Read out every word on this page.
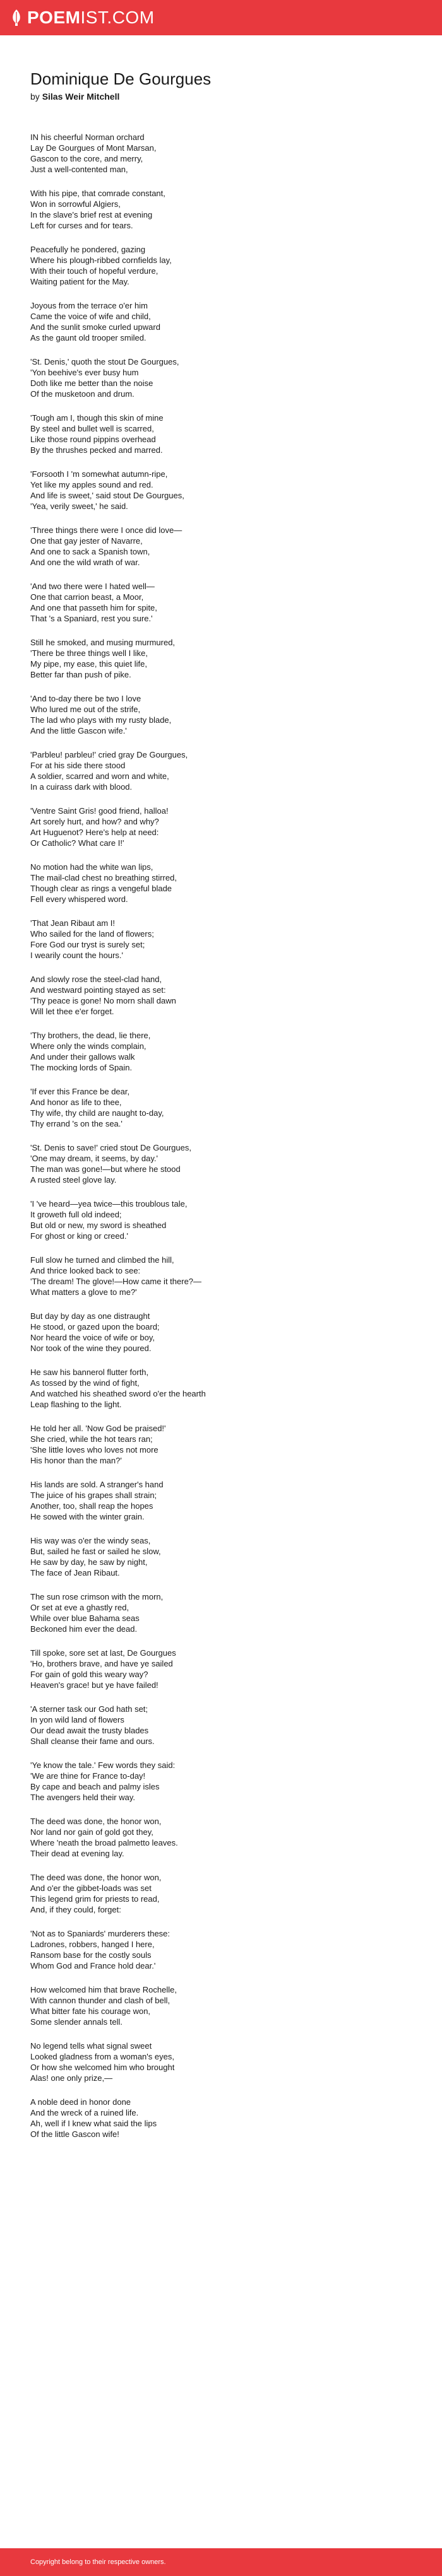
POEM IST.COM
Dominique De Gourgues
by Silas Weir Mitchell
IN his cheerful Norman orchard
Lay De Gourgues of Mont Marsan,
Gascon to the core, and merry,
Just a well-contented man,
With his pipe, that comrade constant,
Won in sorrowful Algiers,
In the slave's brief rest at evening
Left for curses and for tears.
Peacefully he pondered, gazing
Where his plough-ribbed cornfields lay,
With their touch of hopeful verdure,
Waiting patient for the May.
Joyous from the terrace o'er him
Came the voice of wife and child,
And the sunlit smoke curled upward
As the gaunt old trooper smiled.
'St. Denis,' quoth the stout De Gourgues,
'Yon beehive's ever busy hum
Doth like me better than the noise
Of the musketoon and drum.
'Tough am I, though this skin of mine
By steel and bullet well is scarred,
Like those round pippins overhead
By the thrushes pecked and marred.
'Forsooth I 'm somewhat autumn-ripe,
Yet like my apples sound and red.
And life is sweet,' said stout De Gourgues,
'Yea, verily sweet,' he said.
'Three things there were I once did love—
One that gay jester of Navarre,
And one to sack a Spanish town,
And one the wild wrath of war.
'And two there were I hated well—
One that carrion beast, a Moor,
And one that passeth him for spite,
That 's a Spaniard, rest you sure.'
Still he smoked, and musing murmured,
'There be three things well I like,
My pipe, my ease, this quiet life,
Better far than push of pike.
'And to-day there be two I love
Who lured me out of the strife,
The lad who plays with my rusty blade,
And the little Gascon wife.'
'Parbleu! parbleu!' cried gray De Gourgues,
For at his side there stood
A soldier, scarred and worn and white,
In a cuirass dark with blood.
'Ventre Saint Gris! good friend, halloa!
Art sorely hurt, and how? and why?
Art Huguenot? Here's help at need:
Or Catholic? What care I!'
No motion had the white wan lips,
The mail-clad chest no breathing stirred,
Though clear as rings a vengeful blade
Fell every whispered word.
'That Jean Ribaut am I!
Who sailed for the land of flowers;
Fore God our tryst is surely set;
I wearily count the hours.'
And slowly rose the steel-clad hand,
And westward pointing stayed as set:
'Thy peace is gone! No morn shall dawn
Will let thee e'er forget.
'Thy brothers, the dead, lie there,
Where only the winds complain,
And under their gallows walk
The mocking lords of Spain.
'If ever this France be dear,
And honor as life to thee,
Thy wife, thy child are naught to-day,
Thy errand 's on the sea.'
'St. Denis to save!' cried stout De Gourgues,
'One may dream, it seems, by day.'
The man was gone!—but where he stood
A rusted steel glove lay.
'I 've heard—yea twice—this troublous tale,
It groweth full old indeed;
But old or new, my sword is sheathed
For ghost or king or creed.'
Full slow he turned and climbed the hill,
And thrice looked back to see:
'The dream! The glove!—How came it there?—
What matters a glove to me?'
But day by day as one distraught
He stood, or gazed upon the board;
Nor heard the voice of wife or boy,
Nor took of the wine they poured.
He saw his bannerol flutter forth,
As tossed by the wind of fight,
And watched his sheathed sword o'er the hearth
Leap flashing to the light.
He told her all. 'Now God be praised!'
She cried, while the hot tears ran;
'She little loves who loves not more
His honor than the man?'
His lands are sold. A stranger's hand
The juice of his grapes shall strain;
Another, too, shall reap the hopes
He sowed with the winter grain.
His way was o'er the windy seas,
But, sailed he fast or sailed he slow,
He saw by day, he saw by night,
The face of Jean Ribaut.
The sun rose crimson with the morn,
Or set at eve a ghastly red,
While over blue Bahama seas
Beckoned him ever the dead.
Till spoke, sore set at last, De Gourgues
'Ho, brothers brave, and have ye sailed
For gain of gold this weary way?
Heaven's grace! but ye have failed!
'A sterner task our God hath set;
In yon wild land of flowers
Our dead await the trusty blades
Shall cleanse their fame and ours.
'Ye know the tale.' Few words they said:
'We are thine for France to-day!
By cape and beach and palmy isles
The avengers held their way.
The deed was done, the honor won,
Nor land nor gain of gold got they,
Where 'neath the broad palmetto leaves.
Their dead at evening lay.
The deed was done, the honor won,
And o'er the gibbet-loads was set
This legend grim for priests to read,
And, if they could, forget:
'Not as to Spaniards' murderers these:
Ladrones, robbers, hanged I here,
Ransom base for the costly souls
Whom God and France hold dear.'
How welcomed him that brave Rochelle,
With cannon thunder and clash of bell,
What bitter fate his courage won,
Some slender annals tell.
No legend tells what signal sweet
Looked gladness from a woman's eyes,
Or how she welcomed him who brought
Alas! one only prize,—
A noble deed in honor done
And the wreck of a ruined life.
Ah, well if I knew what said the lips
Of the little Gascon wife!
Copyright belong to their respective owners.
